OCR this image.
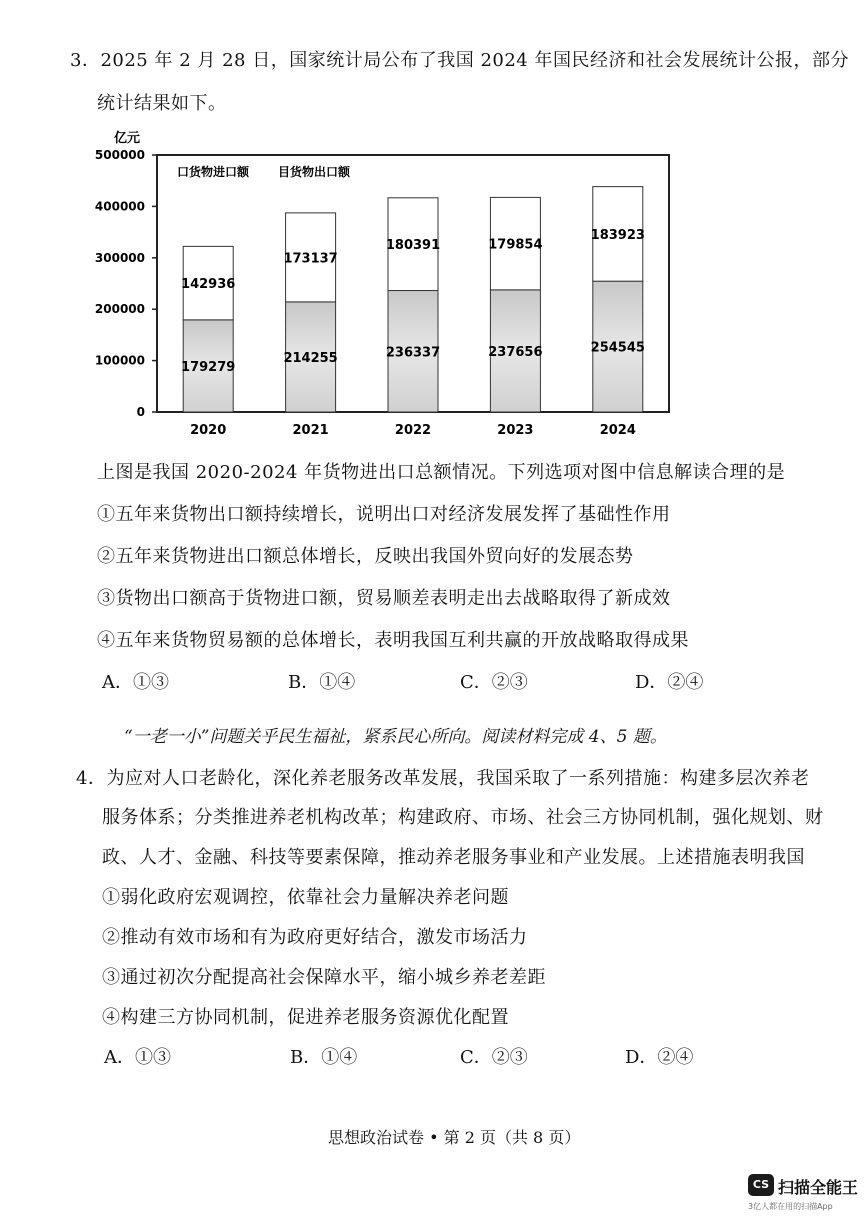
3．2025 年 2 月 28 日，国家统计局公布了我国 2024 年国民经济和社会发展统计公报，部分
统计结果如下。
亿元
0
100000
200000
300000
400000
500000
口货物进口额 目货物出口额
179279
142936
214255
173137
236337
180391
237656
179854
254545
183923
2020	2021	2022	2023	2024
上图是我国 2020-2024 年货物进出口总额情况。下列选项对图中信息解读合理的是
①五年来货物出口额持续增长，说明出口对经济发展发挥了基础性作用
②五年来货物进出口额总体增长，反映出我国外贸向好的发展态势
③货物出口额高于货物进口额，贸易顺差表明走出去战略取得了新成效
④五年来货物贸易额的总体增长，表明我国互利共赢的开放战略取得成果
A．①③	B．①④	C．②③	D．②④
“一老一小”问题关乎民生福祉，紧系民心所向。阅读材料完成 4、5 题。
4．为应对人口老龄化，深化养老服务改革发展，我国采取了一系列措施：构建多层次养老
服务体系；分类推进养老机构改革；构建政府、市场、社会三方协同机制，强化规划、财
政、人才、金融、科技等要素保障，推动养老服务事业和产业发展。上述措施表明我国
①弱化政府宏观调控，依靠社会力量解决养老问题
②推动有效市场和有为政府更好结合，激发市场活力
③通过初次分配提高社会保障水平，缩小城乡养老差距
④构建三方协同机制，促进养老服务资源优化配置
A．①③	B．①④	C．②③	D．②④
思想政治试卷 • 第 2 页（共 8 页）
CS 扫描全能王
3亿人都在用的扫描App
